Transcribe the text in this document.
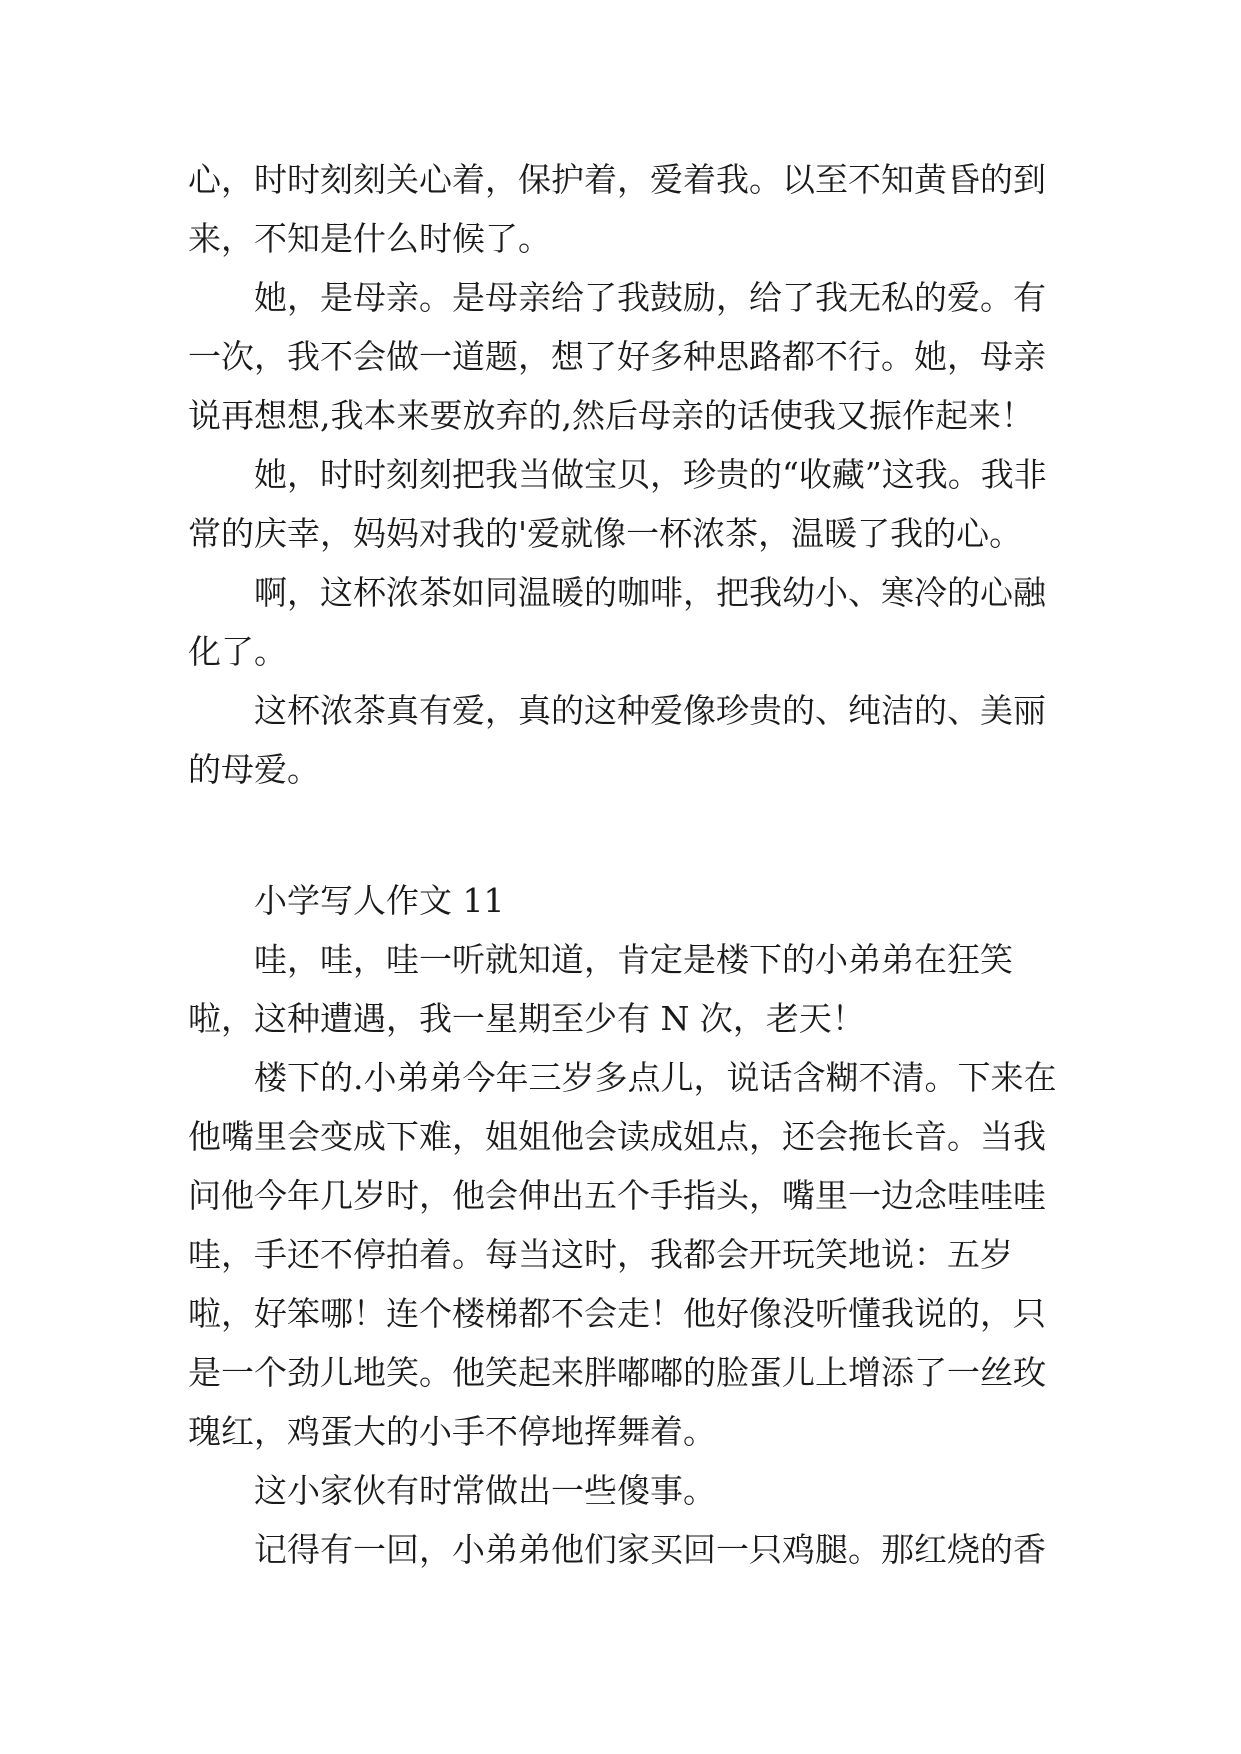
心，时时刻刻关心着，保护着，爱着我。以至不知黄昏的到来，不知是什么时候了。

她，是母亲。是母亲给了我鼓励，给了我无私的爱。有一次，我不会做一道题，想了好多种思路都不行。她，母亲说再想想,我本来要放弃的,然后母亲的话使我又振作起来！

她，时时刻刻把我当做宝贝，珍贵的“收藏”这我。我非常的庆幸，妈妈对我的'爱就像一杯浓茶，温暖了我的心。

啊，这杯浓茶如同温暖的咖啡，把我幼小、寒冷的心融化了。

这杯浓茶真有爱，真的这种爱像珍贵的、纯洁的、美丽的母爱。

小学写人作文 11

哇，哇，哇一听就知道，肯定是楼下的小弟弟在狂笑啦，这种遭遇，我一星期至少有 N 次，老天！

楼下的.小弟弟今年三岁多点儿，说话含糊不清。下来在他嘴里会变成下难，姐姐他会读成姐点，还会拖长音。当我问他今年几岁时，他会伸出五个手指头，嘴里一边念哇哇哇哇，手还不停拍着。每当这时，我都会开玩笑地说：五岁啦，好笨哪！连个楼梯都不会走！他好像没听懂我说的，只是一个劲儿地笑。他笑起来胖嘟嘟的脸蛋儿上增添了一丝玫瑰红，鸡蛋大的小手不停地挥舞着。

这小家伙有时常做出一些傻事。

记得有一回，小弟弟他们家买回一只鸡腿。那红烧的香
